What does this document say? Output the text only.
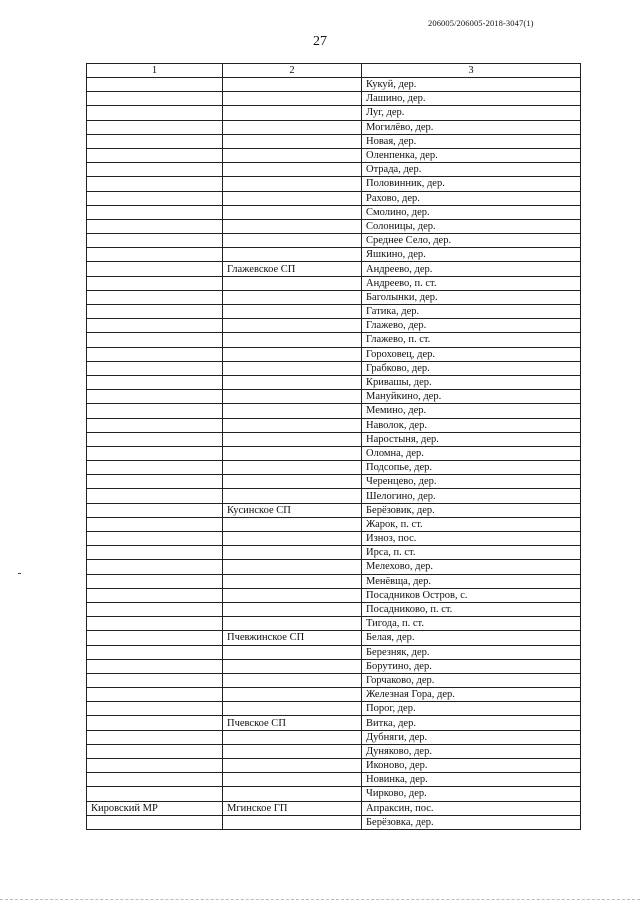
206005/206005-2018-3047(1)
27
1	2	3
		Кукуй, дер.
		Лашино, дер.
		Луг, дер.
		Могилёво, дер.
		Новая, дер.
		Оленпенка, дер.
		Отрада, дер.
		Половинник, дер.
		Рахово, дер.
		Смолино, дер.
		Солоницы, дер.
		Среднее Село, дер.
		Яшкино, дер.
	Глажевское СП	Андреево, дер.
		Андреево, п. ст.
		Баголынки, дер.
		Гатика, дер.
		Глажево, дер.
		Глажево, п. ст.
		Гороховец, дер.
		Грабково, дер.
		Кривашы, дер.
		Мануйкино, дер.
		Мемино, дер.
		Наволок, дер.
		Наростыня, дер.
		Оломна, дер.
		Подсопье, дер.
		Черенцево, дер.
		Шелогино, дер.
	Кусинское СП	Берёзовик, дер.
		Жарок, п. ст.
		Изноз, пос.
		Ирса, п. ст.
		Мелехово, дер.
		Менёвща, дер.
		Посадников Остров, с.
		Посадниково, п. ст.
		Тигода, п. ст.
	Пчевжинское СП	Белая, дер.
		Березняк, дер.
		Борутино, дер.
		Горчаково, дер.
		Железная Гора, дер.
		Порог, дер.
	Пчевское СП	Витка, дер.
		Дубняги, дер.
		Дуняково, дер.
		Иконово, дер.
		Новинка, дер.
		Чирково, дер.
Кировский МР	Мгинское ГП	Апраксин, пос.
		Берёзовка, дер.
